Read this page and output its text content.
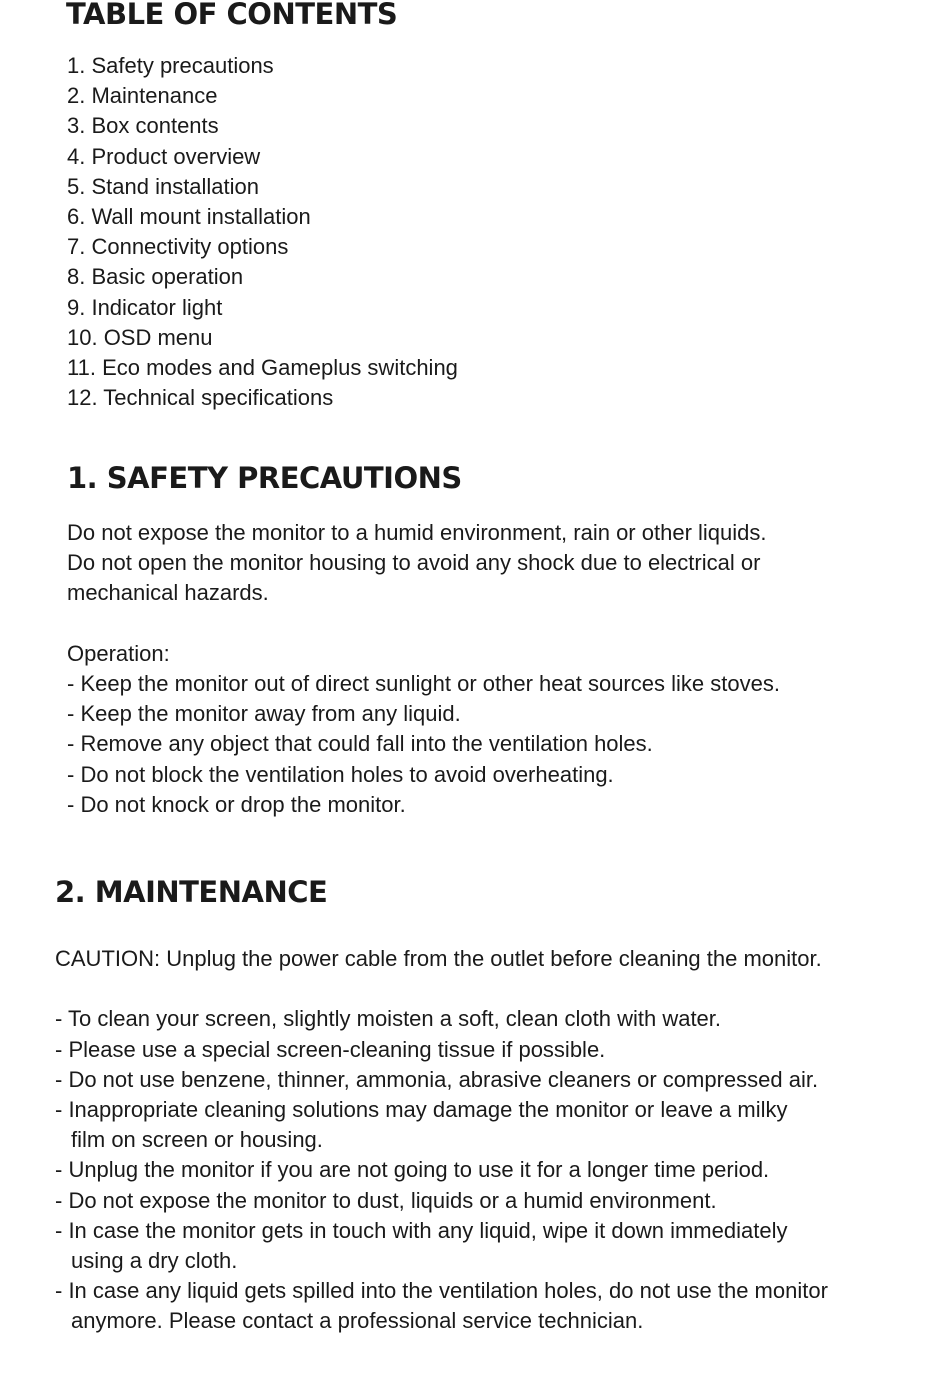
TABLE OF CONTENTS
1. Safety precautions
2. Maintenance
3. Box contents
4. Product overview
5. Stand installation
6. Wall mount installation
7. Connectivity options
8. Basic operation
9. Indicator light
10. OSD menu
11. Eco modes and Gameplus switching
12. Technical specifications
1. SAFETY PRECAUTIONS

Do not expose the monitor to a humid environment, rain or other liquids.

Do not open the monitor housing to avoid any shock due to electrical or

mechanical hazards.

Operation:

- Keep the monitor out of direct sunlight or other heat sources like stoves.

- Keep the monitor away from any liquid.

- Remove any object that could fall into the ventilation holes.

- Do not block the ventilation holes to avoid overheating.

- Do not knock or drop the monitor.

2. MAINTENANCE

CAUTION: Unplug the power cable from the outlet before cleaning the monitor.

- To clean your screen, slightly moisten a soft, clean cloth with water.

- Please use a special screen-cleaning tissue if possible.

- Do not use benzene, thinner, ammonia, abrasive cleaners or compressed air.

- Inappropriate cleaning solutions may damage the monitor or leave a milky

film on screen or housing.

- Unplug the monitor if you are not going to use it for a longer time period.

- Do not expose the monitor to dust, liquids or a humid environment.

- In case the monitor gets in touch with any liquid, wipe it down immediately

using a dry cloth.

- In case any liquid gets spilled into the ventilation holes, do not use the monitor

anymore. Please contact a professional service technician.
